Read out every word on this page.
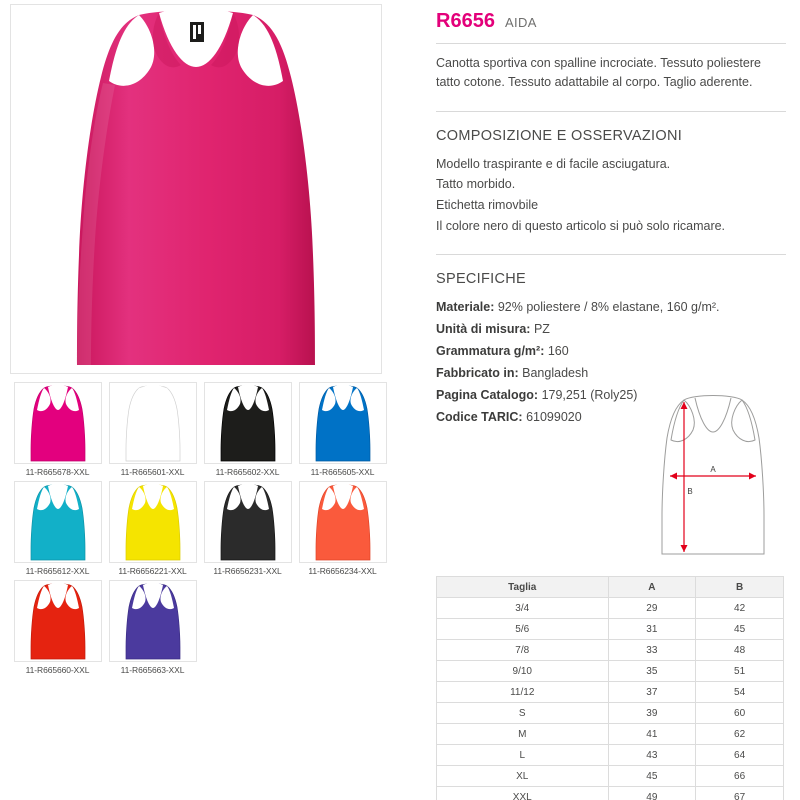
11-R665678-XXL	11-R665601-XXL	11-R665602-XXL	11-R665605-XXL
11-R665612-XXL	11-R6656221-XXL	11-R6656231-XXL	11-R6656234-XXL
11-R665660-XXL	11-R665663-XXL
R6656 AIDA
Canotta sportiva con spalline incrociate. Tessuto poliestere tatto cotone. Tessuto adattabile al corpo. Taglio aderente.
COMPOSIZIONE E OSSERVAZIONI
Modello traspirante e di facile asciugatura.
Tatto morbido.
Etichetta rimovbile
Il colore nero di questo articolo si può solo ricamare.
SPECIFICHE
Materiale: 92% poliestere / 8% elastane, 160 g/m².
Unità di misura: PZ
Grammatura g/m²: 160
Fabbricato in: Bangladesh
Pagina Catalogo: 179,251 (Roly25)
Codice TARIC: 61099020
A
B
Taglia	A	B
3/4	29	42
5/6	31	45
7/8	33	48
9/10	35	51
11/12	37	54
S	39	60
M	41	62
L	43	64
XL	45	66
XXL	49	67
